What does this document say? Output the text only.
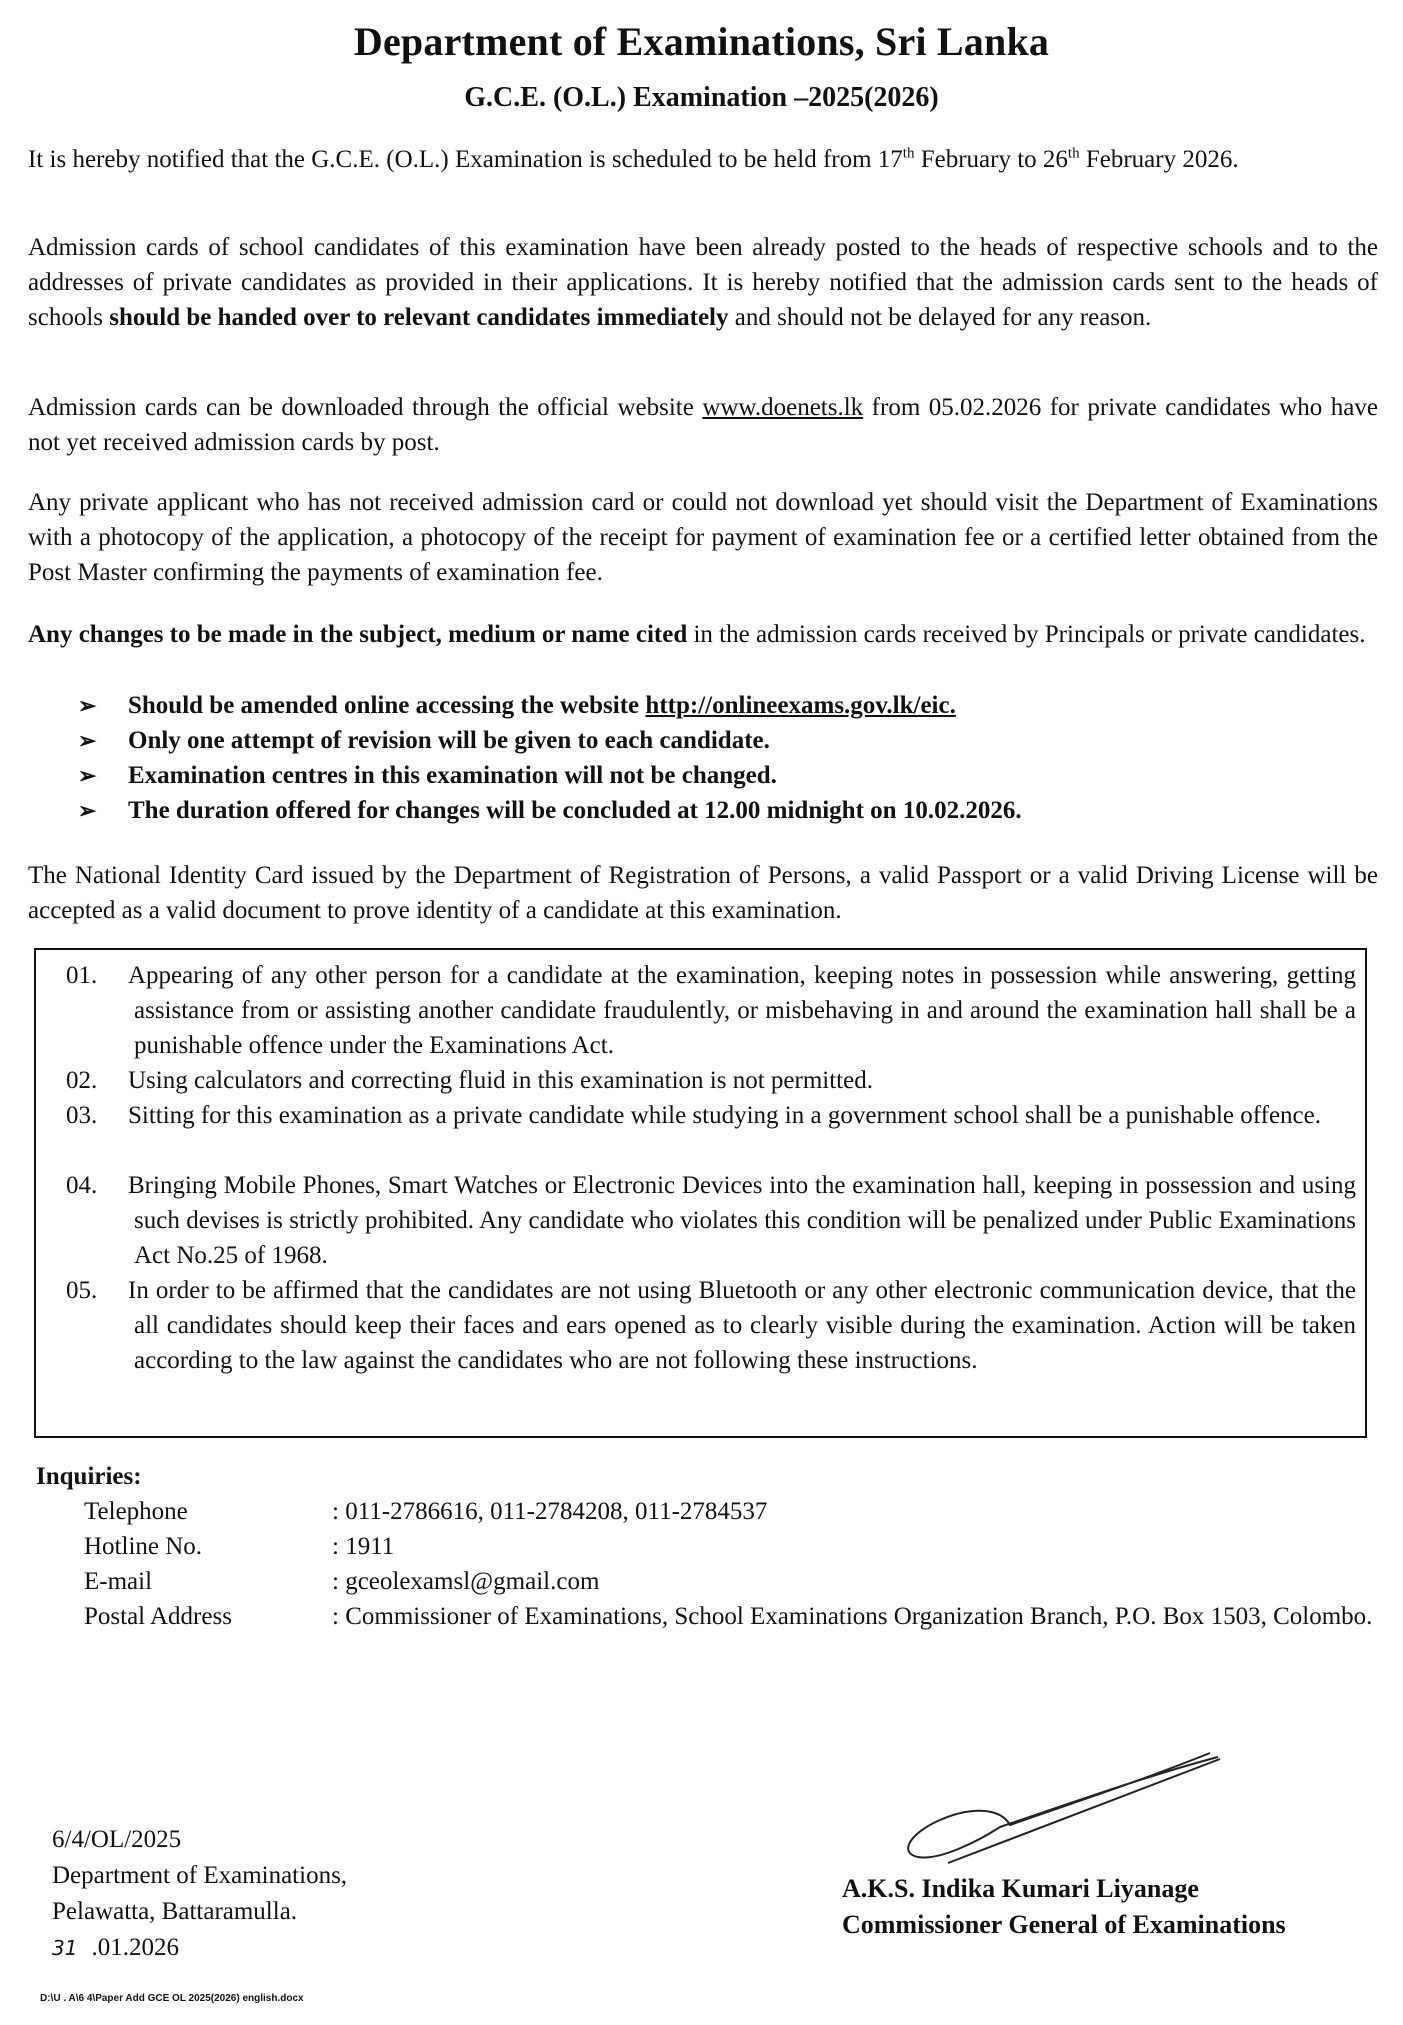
Department of Examinations, Sri Lanka
G.C.E. (O.L.) Examination –2025(2026)
It is hereby notified that the G.C.E. (O.L.) Examination is scheduled to be held from 17th February to 26th February 2026.
Admission cards of school candidates of this examination have been already posted to the heads of respective schools and to the addresses of private candidates as provided in their applications. It is hereby notified that the admission cards sent to the heads of schools should be handed over to relevant candidates immediately and should not be delayed for any reason.
Admission cards can be downloaded through the official website www.doenets.lk from 05.02.2026 for private candidates who have not yet received admission cards by post.
Any private applicant who has not received admission card or could not download yet should visit the Department of Examinations with a photocopy of the application, a photocopy of the receipt for payment of examination fee or a certified letter obtained from the Post Master confirming the payments of examination fee.
Any changes to be made in the subject, medium or name cited in the admission cards received by Principals or private candidates.
➢	Should be amended online accessing the website http://onlineexams.gov.lk/eic.
➢	Only one attempt of revision will be given to each candidate.
➢	Examination centres in this examination will not be changed.
➢	The duration offered for changes will be concluded at 12.00 midnight on 10.02.2026.
The National Identity Card issued by the Department of Registration of Persons, a valid Passport or a valid Driving License will be accepted as a valid document to prove identity of a candidate at this examination.
01.	Appearing of any other person for a candidate at the examination, keeping notes in possession while answering, getting assistance from or assisting another candidate fraudulently, or misbehaving in and around the examination hall shall be a punishable offence under the Examinations Act.
02.	Using calculators and correcting fluid in this examination is not permitted.
03.	Sitting for this examination as a private candidate while studying in a government school shall be a punishable offence.
04.	Bringing Mobile Phones, Smart Watches or Electronic Devices into the examination hall, keeping in possession and using such devises is strictly prohibited. Any candidate who violates this condition will be penalized under Public Examinations Act No.25 of 1968.
05.	In order to be affirmed that the candidates are not using Bluetooth or any other electronic communication device, that the all candidates should keep their faces and ears opened as to clearly visible during the examination. Action will be taken according to the law against the candidates who are not following these instructions.
Inquiries:
Telephone	: 011-2786616, 011-2784208, 011-2784537
Hotline No.	: 1911
E-mail	: gceolexamsl@gmail.com
Postal Address	: Commissioner of Examinations, School Examinations Organization Branch, P.O. Box 1503, Colombo.
6/4/OL/2025
Department of Examinations,
Pelawatta, Battaramulla.
31 .01.2026
A.K.S. Indika Kumari Liyanage
Commissioner General of Examinations
D:\U . A\6 4\Paper Add GCE OL 2025(2026) english.docx
